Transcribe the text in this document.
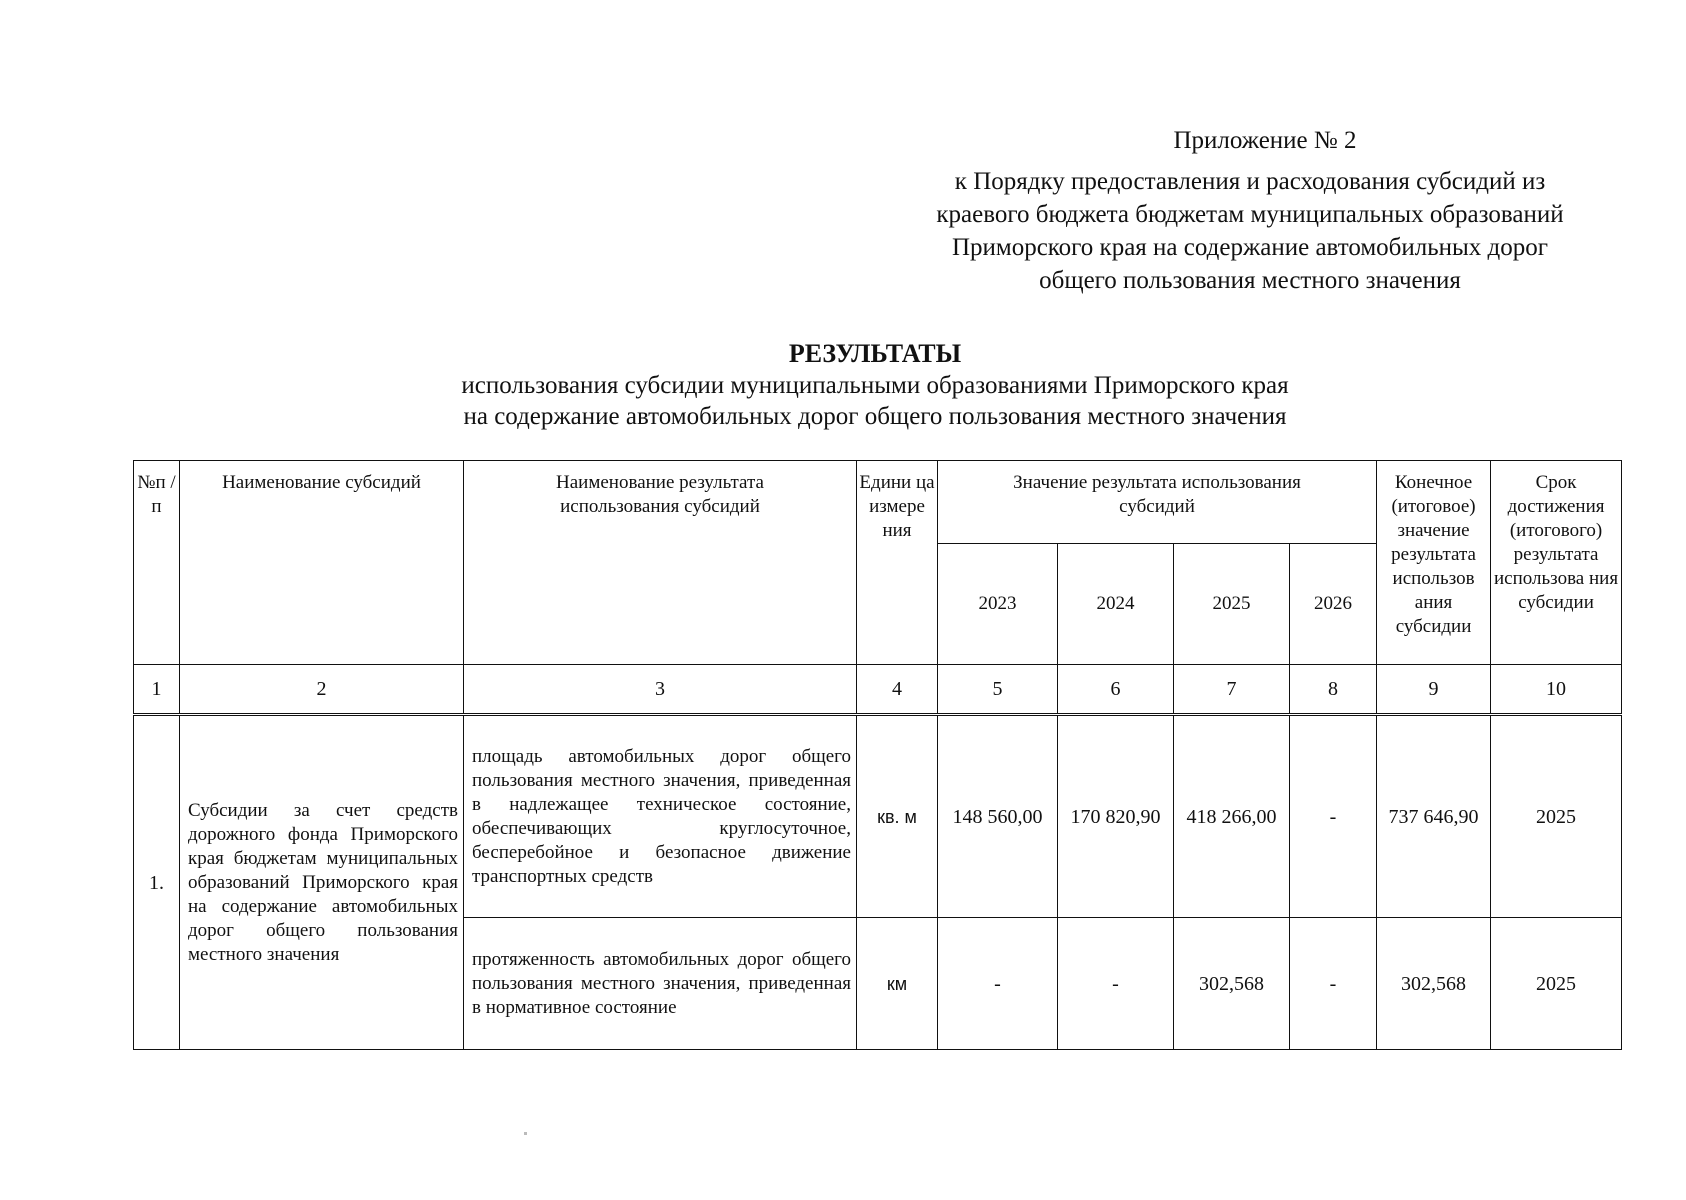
Приложение № 2
к Порядку предоставления и расходования субсидий из
краевого бюджета бюджетам муниципальных образований
Приморского края на содержание автомобильных дорог
общего пользования местного значения
РЕЗУЛЬТАТЫ
использования субсидии муниципальными образованиями Приморского края
на содержание автомобильных дорог общего пользования местного значения
№п /п	Наименование субсидий	Наименование результата использования субсидий	Едини ца измере ния	Значение результата использования субсидий				Конечное (итоговое) значение результата использов ания субсидии	Срок достижения (итогового) результата использова ния субсидии
				2023	2024	2025	2026		
1	2	3	4	5	6	7	8	9	10
1.	Субсидии за счет средств дорожного фонда Приморского края бюджетам муниципальных образований Приморского края на содержание автомобильных дорог общего пользования местного значения	площадь автомобильных дорог общего пользования местного значения, приведенная в надлежащее техническое состояние, обеспечивающих круглосуточное, бесперебойное и безопасное движение транспортных средств	кв. м	148 560,00	170 820,90	418 266,00	-	737 646,90	2025
		протяженность автомобильных дорог общего пользования местного значения, приведенная в нормативное состояние	км	-	-	302,568	-	302,568	2025
